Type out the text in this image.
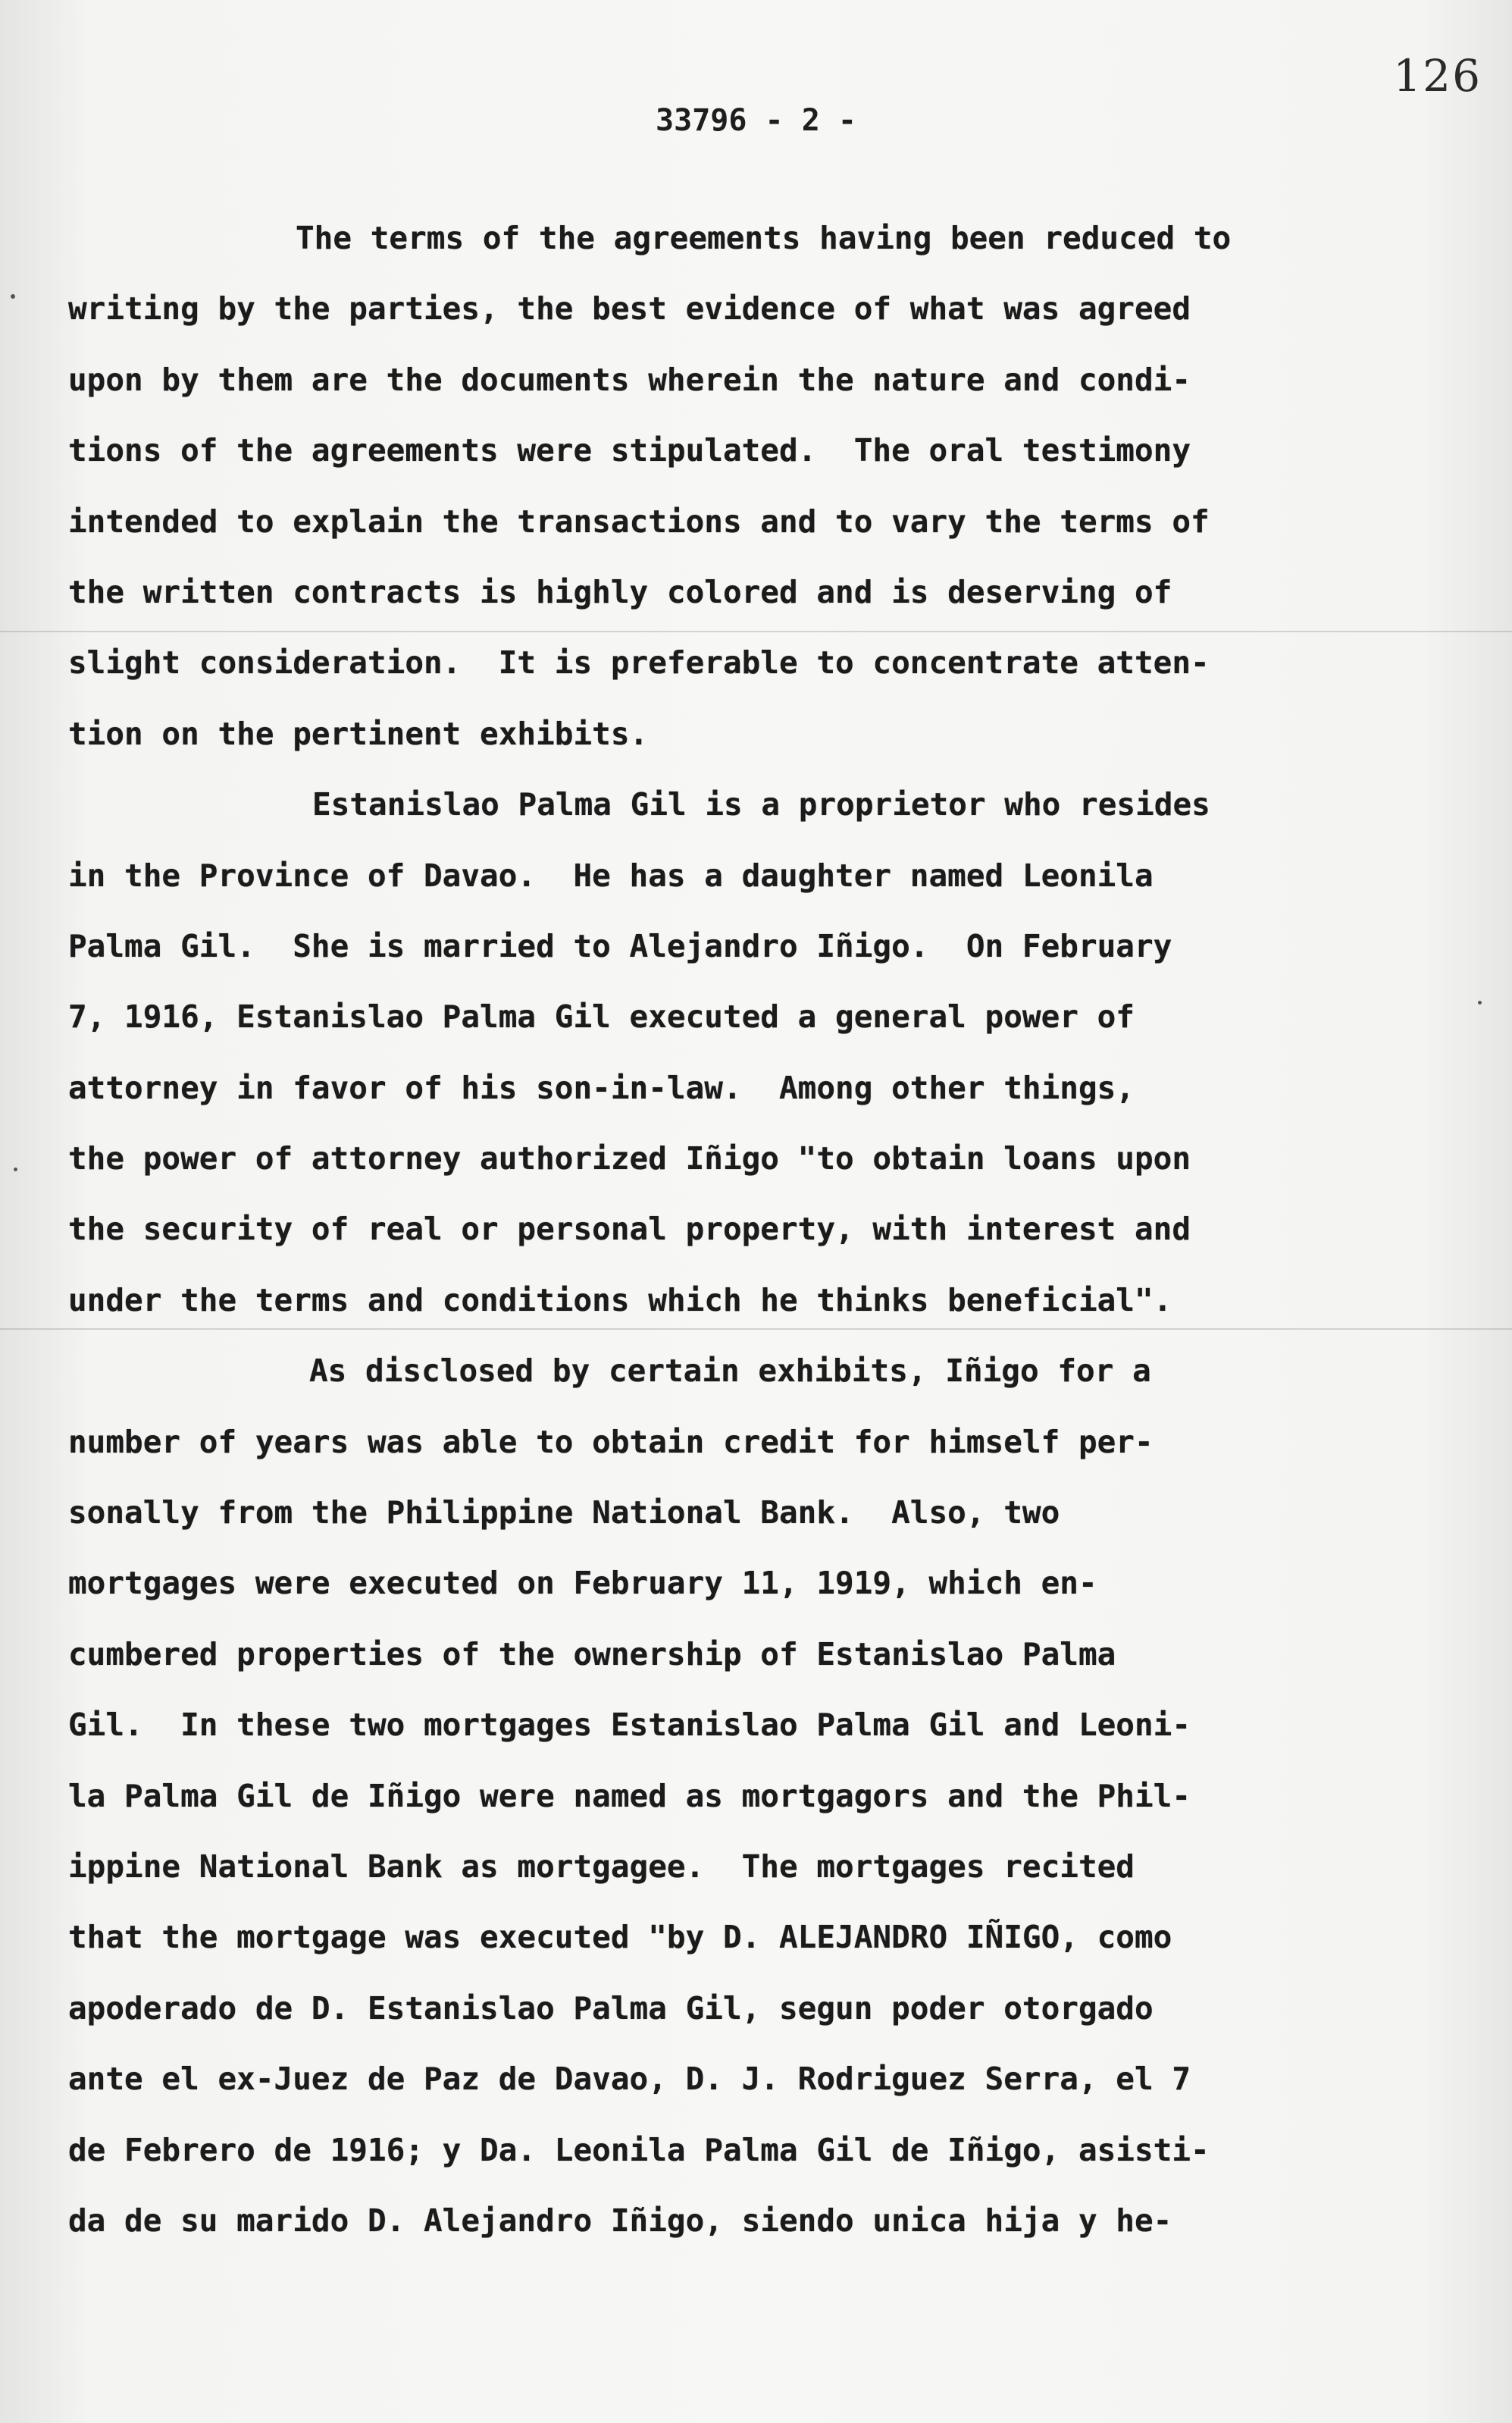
126
33796 - 2 -
The terms of the agreements having been reduced to
writing by the parties, the best evidence of what was agreed
upon by them are the documents wherein the nature and condi-
tions of the agreements were stipulated.  The oral testimony
intended to explain the transactions and to vary the terms of
the written contracts is highly colored and is deserving of
slight consideration.  It is preferable to concentrate atten-
tion on the pertinent exhibits.
Estanislao Palma Gil is a proprietor who resides
in the Province of Davao.  He has a daughter named Leonila
Palma Gil.  She is married to Alejandro Iñigo.  On February
7, 1916, Estanislao Palma Gil executed a general power of
attorney in favor of his son-in-law.  Among other things,
the power of attorney authorized Iñigo "to obtain loans upon
the security of real or personal property, with interest and
under the terms and conditions which he thinks beneficial".
As disclosed by certain exhibits, Iñigo for a
number of years was able to obtain credit for himself per-
sonally from the Philippine National Bank.  Also, two
mortgages were executed on February 11, 1919, which en-
cumbered properties of the ownership of Estanislao Palma
Gil.  In these two mortgages Estanislao Palma Gil and Leoni-
la Palma Gil de Iñigo were named as mortgagors and the Phil-
ippine National Bank as mortgagee.  The mortgages recited
that the mortgage was executed "by D. ALEJANDRO IÑIGO, como
apoderado de D. Estanislao Palma Gil, segun poder otorgado
ante el ex-Juez de Paz de Davao, D. J. Rodriguez Serra, el 7
de Febrero de 1916; y Da. Leonila Palma Gil de Iñigo, asisti-
da de su marido D. Alejandro Iñigo, siendo unica hija y he-
